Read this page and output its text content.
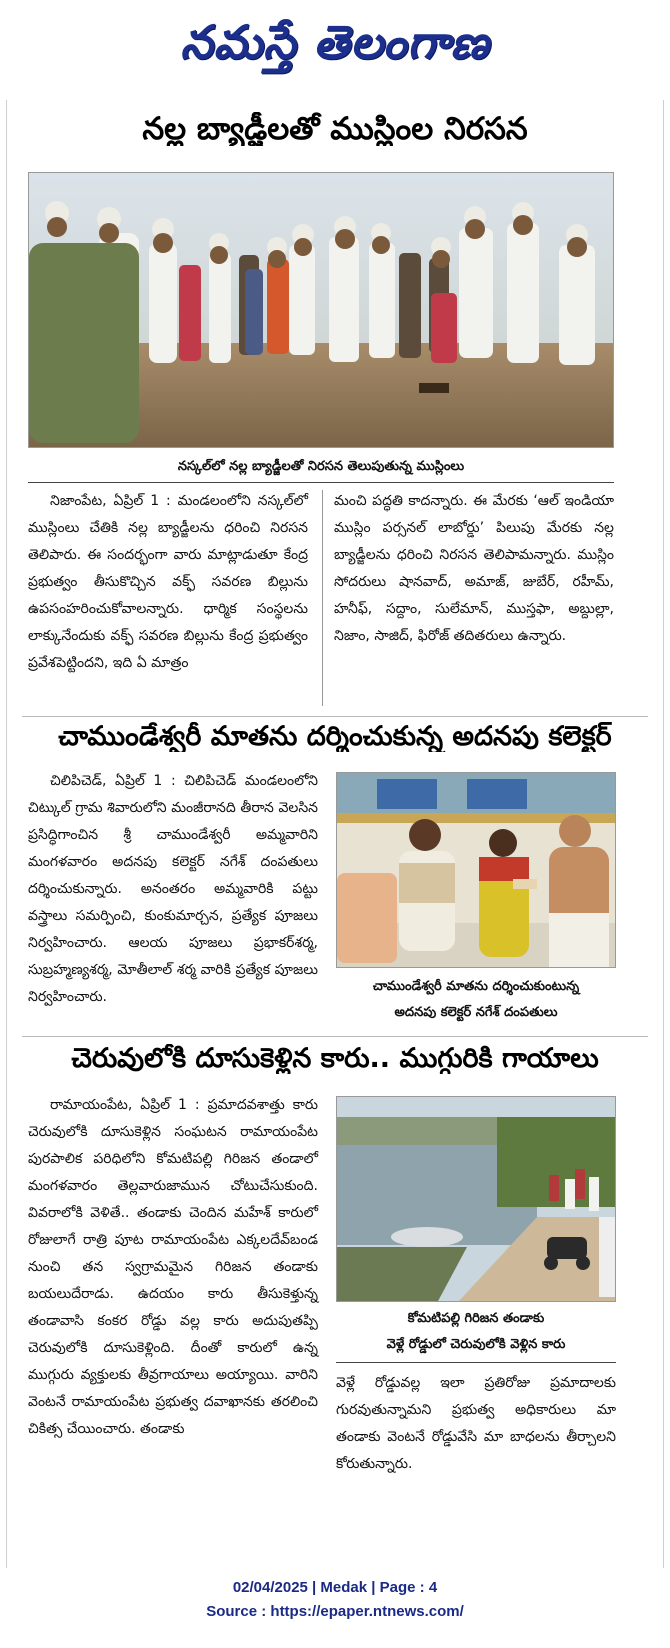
నమస్తే తెలంగాణ
నల్ల బ్యాడ్జీలతో ముస్లింల నిరసన
నస్కల్‌లో నల్ల బ్యాడ్జీలతో నిరసన తెలుపుతున్న ముస్లింలు

నిజాంపేట, ఏప్రిల్ 1 : మండలంలోని నస్కల్‌లో ముస్లింలు చేతికి నల్ల బ్యాడ్జీలను ధరించి నిరసన తెలిపారు. ఈ సందర్భంగా వారు మాట్లాడుతూ కేంద్ర ప్రభుత్వం తీసుకొచ్చిన వక్ఫ్ సవరణ బిల్లును ఉపసంహరించుకోవాలన్నారు. ధార్మిక సంస్థలను లాక్కునేందుకు వక్ఫ్ సవరణ బిల్లును కేంద్ర ప్రభుత్వం ప్రవేశపెట్టిందని, ఇది ఏ మాత్రం

మంచి పద్ధతి కాదన్నారు. ఈ మేరకు ‘ఆల్ ఇండియా ముస్లిం పర్సనల్ లాబోర్డు’ పిలుపు మేరకు నల్ల బ్యాడ్జీలను ధరించి నిరసన తెలిపామన్నారు. ముస్లిం సోదరులు షానవాద్, అమాజ్, జుబేర్, రహీమ్, హనీఫ్, సద్దాం, సులేమాన్, ముస్తఫా, అబ్దుల్లా, నిజాం, సాజిద్, ఫిరోజ్ తదితరులు ఉన్నారు.

చాముండేశ్వరీ మాతను దర్శించుకున్న అదనపు కలెక్టర్

చిలిపిచెడ్, ఏప్రిల్ 1 : చిలిపిచెడ్ మండలంలోని చిట్కుల్ గ్రామ శివారులోని మంజీరానది తీరాన వెలసిన ప్రసిద్ధిగాంచిన శ్రీ చాముండేశ్వరీ అమ్మవారిని మంగళవారం అదనపు కలెక్టర్ నగేశ్ దంపతులు దర్శించుకున్నారు. అనంతరం అమ్మవారికి పట్టు వస్త్రాలు సమర్పించి, కుంకుమార్చన, ప్రత్యేక పూజలు నిర్వహించారు. ఆలయ పూజలు ప్రభాకర్‌శర్మ, సుబ్రహ్మణ్యశర్మ, మోతీలాల్ శర్మ వారికి ప్రత్యేక పూజలు నిర్వహించారు.

చాముండేశ్వరీ మాతను దర్శించుకుంటున్న
అదనపు కలెక్టర్ నగేశ్ దంపతులు
చెరువులోకి దూసుకెళ్లిన కారు.. ముగ్గురికి గాయాలు

రామాయంపేట, ఏప్రిల్ 1 : ప్రమాదవశాత్తు కారు చెరువులోకి దూసుకెళ్లిన సంఘటన రామాయంపేట పురపాలిక పరిధిలోని కోమటిపల్లి గిరిజన తండాలో మంగళవారం తెల్లవారుజామున చోటుచేసుకుంది. వివరాలోకి వెళితే.. తండాకు చెందిన మహేశ్ కారులో రోజులాగే రాత్రి పూట రామాయంపేట ఎక్కలదేవ్‌బండ నుంచి తన స్వగ్రామమైన గిరిజన తండాకు బయలుదేరాడు. ఉదయం కారు తీసుకెళ్తున్న తండావాసి కంకర రోడ్డు వల్ల కారు అదుపుతప్పి చెరువులోకి దూసుకెళ్లింది. దీంతో కారులో ఉన్న ముగ్గురు వ్యక్తులకు తీవ్రగాయాలు అయ్యాయి. వారిని వెంటనే రామాయంపేట ప్రభుత్వ దవాఖానకు తరలించి చికిత్స చేయించారు. తండాకు

కోమటిపల్లి గిరిజన తండాకు
వెళ్లే రోడ్డులో చెరువులోకి వెళ్లిన కారు

వెళ్లే రోడ్డువల్ల ఇలా ప్రతిరోజు ప్రమాదాలకు గురవుతున్నామని ప్రభుత్వ అధికారులు మా తండాకు వెంటనే రోడ్డువేసి మా బాధలను తీర్చాలని కోరుతున్నారు.

02/04/2025 | Medak | Page : 4
Source : https://epaper.ntnews.com/
